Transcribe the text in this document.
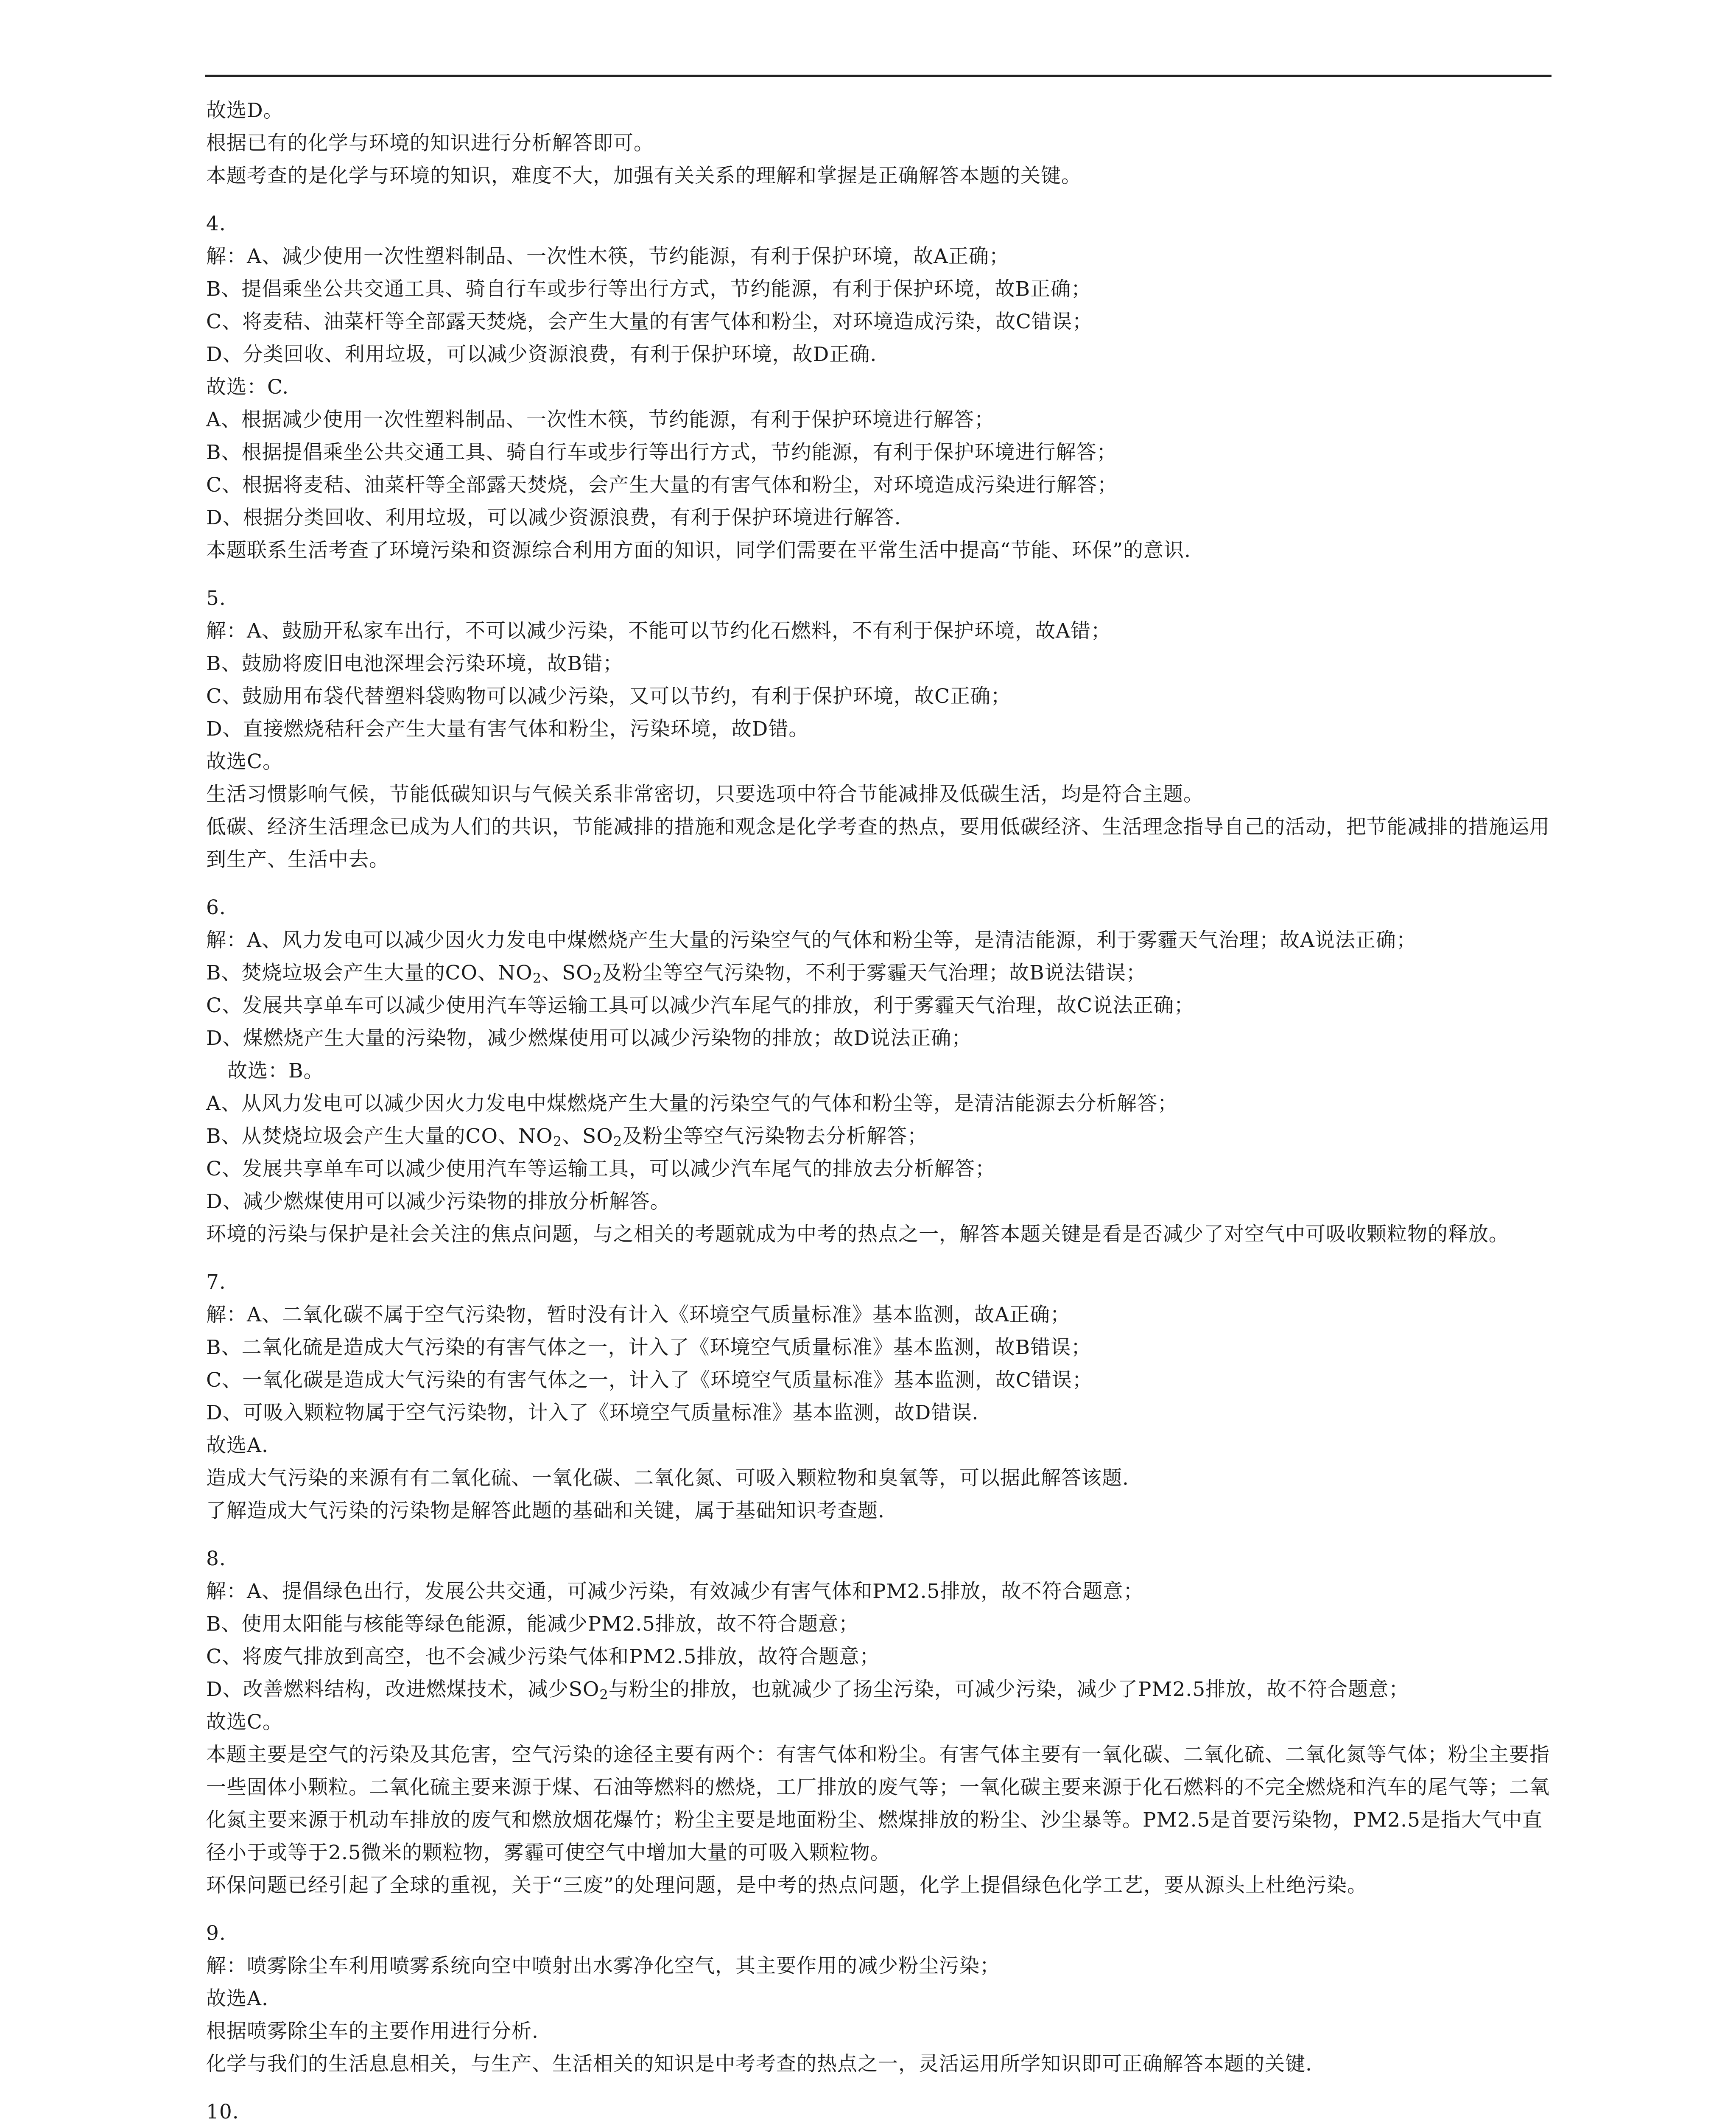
故选D。

根据已有的化学与环境的知识进行分析解答即可。

本题考查的是化学与环境的知识，难度不大，加强有关关系的理解和掌握是正确解答本题的关键。

4.

解：A、减少使用一次性塑料制品、一次性木筷，节约能源，有利于保护环境，故A正确；

B、提倡乘坐公共交通工具、骑自行车或步行等出行方式，节约能源，有利于保护环境，故B正确；

C、将麦秸、油菜杆等全部露天焚烧，会产生大量的有害气体和粉尘，对环境造成污染，故C错误；

D、分类回收、利用垃圾，可以减少资源浪费，有利于保护环境，故D正确.

故选：C.

A、根据减少使用一次性塑料制品、一次性木筷，节约能源，有利于保护环境进行解答；

B、根据提倡乘坐公共交通工具、骑自行车或步行等出行方式，节约能源，有利于保护环境进行解答；

C、根据将麦秸、油菜杆等全部露天焚烧，会产生大量的有害气体和粉尘，对环境造成污染进行解答；

D、根据分类回收、利用垃圾，可以减少资源浪费，有利于保护环境进行解答.

本题联系生活考查了环境污染和资源综合利用方面的知识，同学们需要在平常生活中提高“节能、环保”的意识.

5.

解：A、鼓励开私家车出行，不可以减少污染，不能可以节约化石燃料，不有利于保护环境，故A错；

B、鼓励将废旧电池深埋会污染环境，故B错；

C、鼓励用布袋代替塑料袋购物可以减少污染，又可以节约，有利于保护环境，故C正确；

D、直接燃烧秸秆会产生大量有害气体和粉尘，污染环境，故D错。

故选C。

生活习惯影响气候，节能低碳知识与气候关系非常密切，只要选项中符合节能减排及低碳生活，均是符合主题。

低碳、经济生活理念已成为人们的共识，节能减排的措施和观念是化学考查的热点，要用低碳经济、生活理念指导自己的活动，把节能减排的措施运用到生产、生活中去。

6.

解：A、风力发电可以减少因火力发电中煤燃烧产生大量的污染空气的气体和粉尘等，是清洁能源，利于雾霾天气治理；故A说法正确；

B、焚烧垃圾会产生大量的CO、$NO_2$、$SO_2$及粉尘等空气污染物，不利于雾霾天气治理；故B说法错误；

C、发展共享单车可以减少使用汽车等运输工具可以减少汽车尾气的排放，利于雾霾天气治理，故C说法正确；

D、煤燃烧产生大量的污染物，减少燃煤使用可以减少污染物的排放；故D说法正确；

故选：B。

A、从风力发电可以减少因火力发电中煤燃烧产生大量的污染空气的气体和粉尘等，是清洁能源去分析解答；

B、从焚烧垃圾会产生大量的CO、$NO_2$、$SO_2$及粉尘等空气污染物去分析解答；

C、发展共享单车可以减少使用汽车等运输工具，可以减少汽车尾气的排放去分析解答；

D、减少燃煤使用可以减少污染物的排放分析解答。

环境的污染与保护是社会关注的焦点问题，与之相关的考题就成为中考的热点之一，解答本题关键是看是否减少了对空气中可吸收颗粒物的释放。

7.

解：A、二氧化碳不属于空气污染物，暂时没有计入《环境空气质量标准》基本监测，故A正确；

B、二氧化硫是造成大气污染的有害气体之一，计入了《环境空气质量标准》基本监测，故B错误；

C、一氧化碳是造成大气污染的有害气体之一，计入了《环境空气质量标准》基本监测，故C错误；

D、可吸入颗粒物属于空气污染物，计入了《环境空气质量标准》基本监测，故D错误.

故选A.

造成大气污染的来源有有二氧化硫、一氧化碳、二氧化氮、可吸入颗粒物和臭氧等，可以据此解答该题.

了解造成大气污染的污染物是解答此题的基础和关键，属于基础知识考查题.

8.

解：A、提倡绿色出行，发展公共交通，可减少污染，有效减少有害气体和PM2.5排放，故不符合题意；

B、使用太阳能与核能等绿色能源，能减少PM2.5排放，故不符合题意；

C、将废气排放到高空，也不会减少污染气体和PM2.5排放，故符合题意；

D、改善燃料结构，改进燃煤技术，减少$SO_2$与粉尘的排放，也就减少了扬尘污染，可减少污染，减少了PM2.5排放，故不符合题意；

故选C。

本题主要是空气的污染及其危害，空气污染的途径主要有两个：有害气体和粉尘。有害气体主要有一氧化碳、二氧化硫、二氧化氮等气体；粉尘主要指一些固体小颗粒。二氧化硫主要来源于煤、石油等燃料的燃烧，工厂排放的废气等；一氧化碳主要来源于化石燃料的不完全燃烧和汽车的尾气等；二氧化氮主要来源于机动车排放的废气和燃放烟花爆竹；粉尘主要是地面粉尘、燃煤排放的粉尘、沙尘暴等。PM2.5是首要污染物，PM2.5是指大气中直径小于或等于2.5微米的颗粒物，雾霾可使空气中增加大量的可吸入颗粒物。

环保问题已经引起了全球的重视，关于“三废”的处理问题，是中考的热点问题，化学上提倡绿色化学工艺，要从源头上杜绝污染。

9.

解：喷雾除尘车利用喷雾系统向空中喷射出水雾净化空气，其主要作用的减少粉尘污染；

故选A.

根据喷雾除尘车的主要作用进行分析.

化学与我们的生活息息相关，与生产、生活相关的知识是中考考查的热点之一，灵活运用所学知识即可正确解答本题的关键.

10.
